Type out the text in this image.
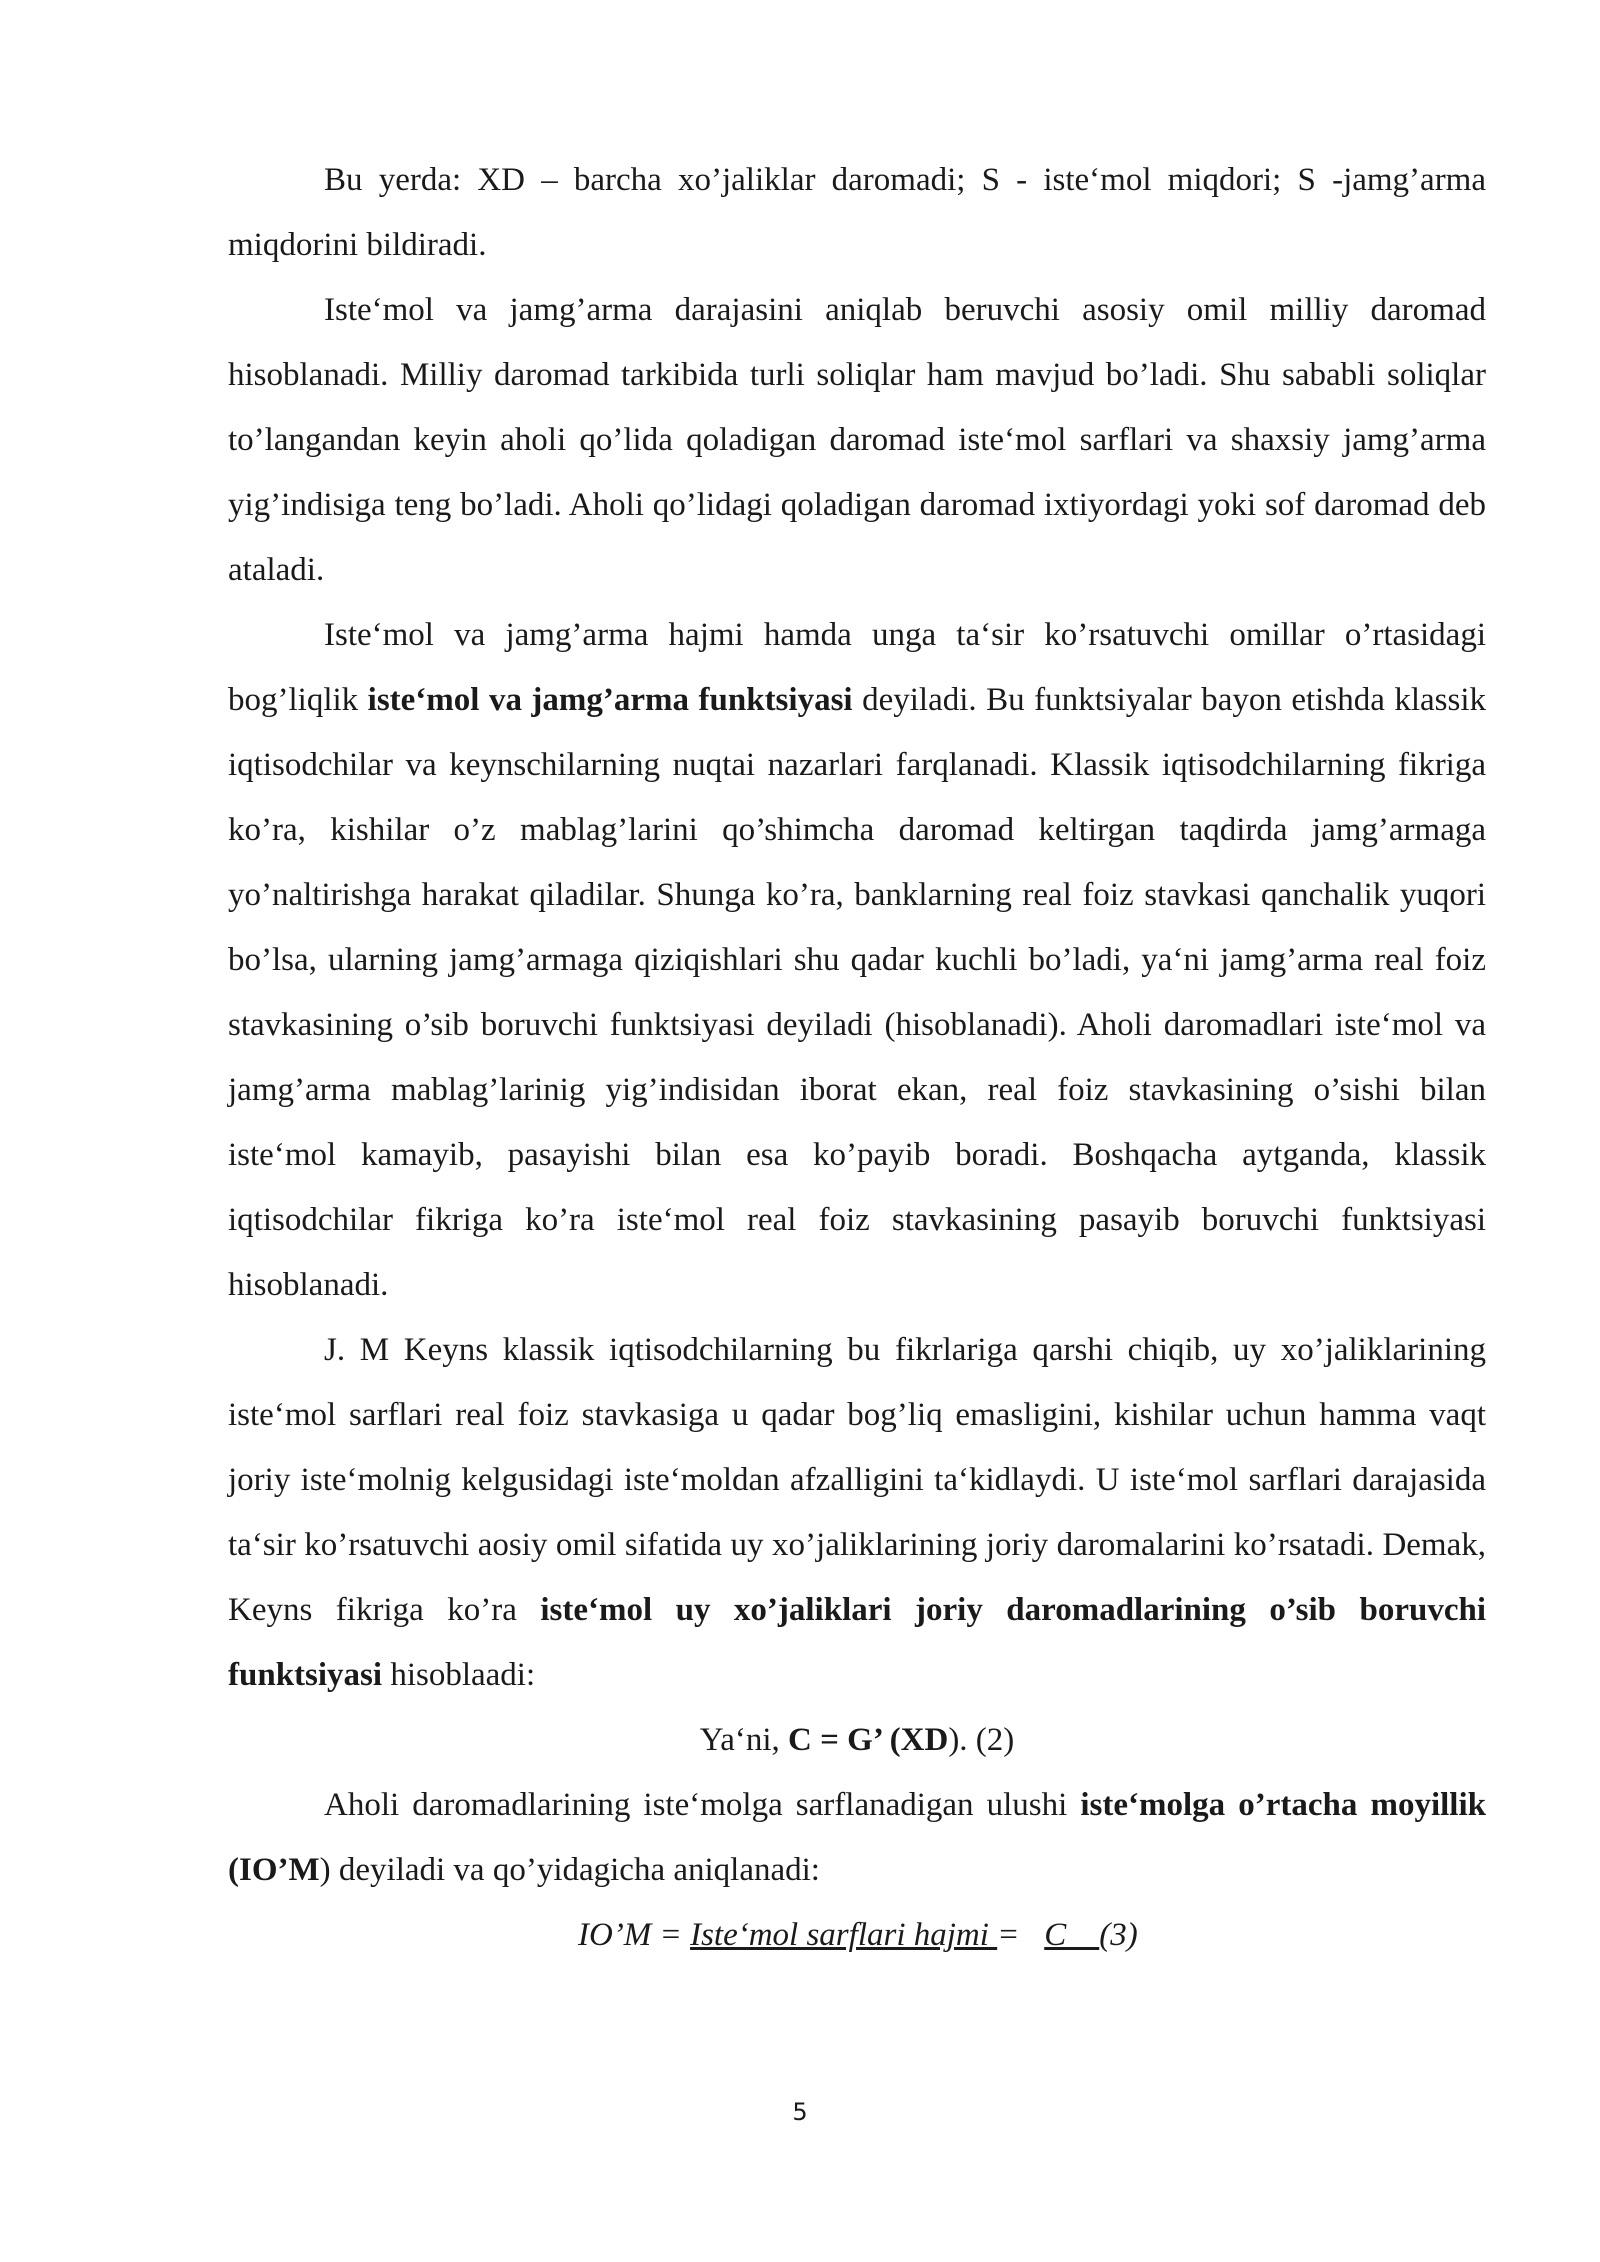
Bu yerda: XD – barcha xo’jaliklar daromadi; S - iste‘mol miqdori; S -jamg’arma miqdorini bildiradi.

Iste‘mol va jamg’arma darajasini aniqlab beruvchi asosiy omil milliy daromad hisoblanadi. Milliy daromad tarkibida turli soliqlar ham mavjud bo’ladi. Shu sababli soliqlar to’langandan keyin aholi qo’lida qoladigan daromad iste‘mol sarflari va shaxsiy jamg’arma yig’indisiga teng bo’ladi. Aholi qo’lidagi qoladigan daromad ixtiyordagi yoki sof daromad deb ataladi.

Iste‘mol va jamg’arma hajmi hamda unga ta‘sir ko’rsatuvchi omillar o’rtasidagi bog’liqlik iste‘mol va jamg’arma funktsiyasi deyiladi. Bu funktsiyalar bayon etishda klassik iqtisodchilar va keynschilarning nuqtai nazarlari farqlanadi. Klassik iqtisodchilarning fikriga ko’ra, kishilar o’z mablag’larini qo’shimcha daromad keltirgan taqdirda jamg’armaga yo’naltirishga harakat qiladilar. Shunga ko’ra, banklarning real foiz stavkasi qanchalik yuqori bo’lsa, ularning jamg’armaga qiziqishlari shu qadar kuchli bo’ladi, ya‘ni jamg’arma real foiz stavkasining o’sib boruvchi funktsiyasi deyiladi (hisoblanadi). Aholi daromadlari iste‘mol va jamg’arma mablag’larinig yig’indisidan iborat ekan, real foiz stavkasining o’sishi bilan iste‘mol kamayib, pasayishi bilan esa ko’payib boradi. Boshqacha aytganda, klassik iqtisodchilar fikriga ko’ra iste‘mol real foiz stavkasining pasayib boruvchi funktsiyasi hisoblanadi.

J. M Keyns klassik iqtisodchilarning bu fikrlariga qarshi chiqib, uy xo’jaliklarining iste‘mol sarflari real foiz stavkasiga u qadar bog’liq emasligini, kishilar uchun hamma vaqt joriy iste‘molnig kelgusidagi iste‘moldan afzalligini ta‘kidlaydi. U iste‘mol sarflari darajasida ta‘sir ko’rsatuvchi aosiy omil sifatida uy xo’jaliklarining joriy daromalarini ko’rsatadi. Demak, Keyns fikriga ko’ra iste‘mol uy xo’jaliklari joriy daromadlarining o’sib boruvchi funktsiyasi hisoblaadi:

Ya‘ni, C = G’ (XD). (2)

Aholi daromadlarining iste‘molga sarflanadigan ulushi iste‘molga o’rtacha moyillik (IO’M) deyiladi va qo’yidagicha aniqlanadi:

IO’M = Iste‘mol sarflari hajmi =   C    (3)

5
